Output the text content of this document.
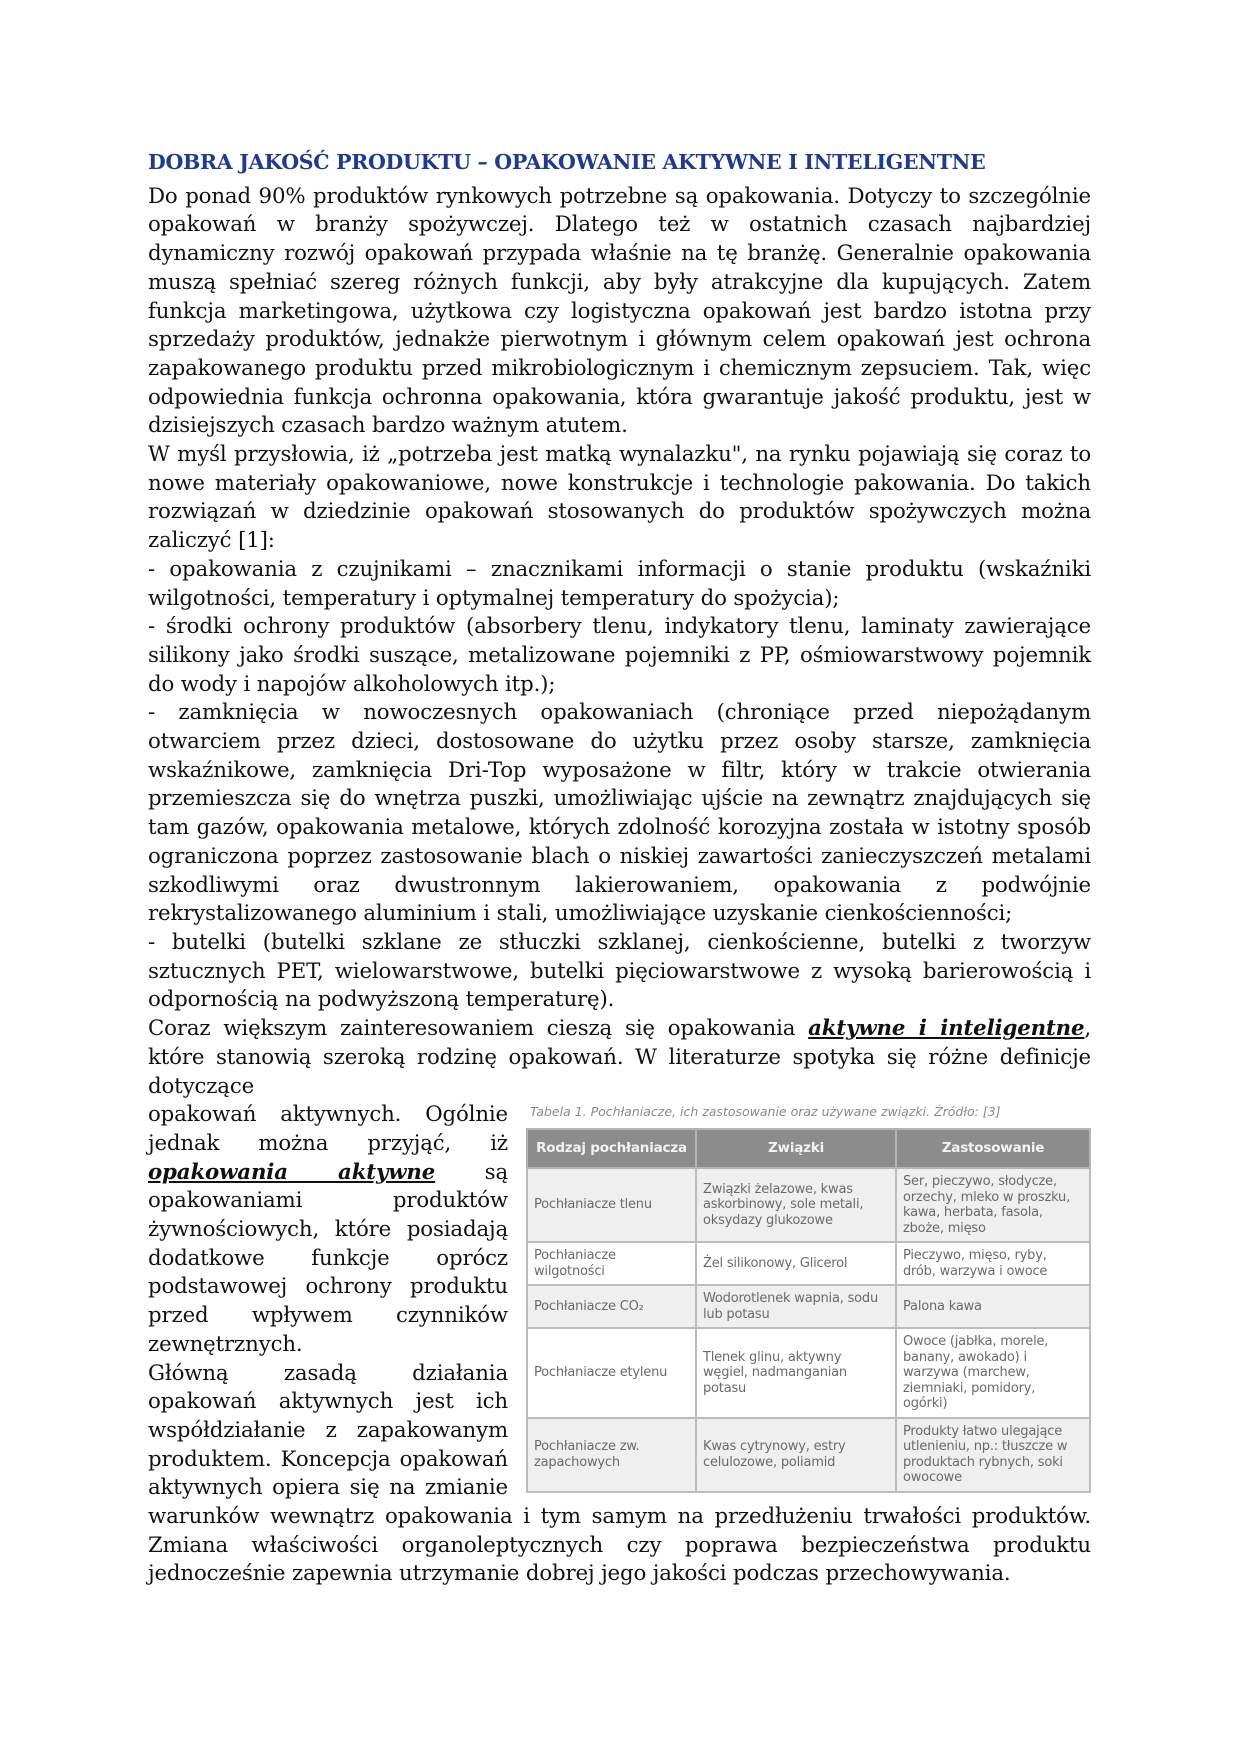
DOBRA JAKOŚĆ PRODUKTU – OPAKOWANIE AKTYWNE I INTELIGENTNE

Do ponad 90% produktów rynkowych potrzebne są opakowania. Dotyczy to szczególnie opakowań w branży spożywczej. Dlatego też w ostatnich czasach najbardziej dynamiczny rozwój opakowań przypada właśnie na tę branżę. Generalnie opakowania muszą spełniać szereg różnych funkcji, aby były atrakcyjne dla kupujących. Zatem funkcja marketingowa, użytkowa czy logistyczna opakowań jest bardzo istotna przy sprzedaży produktów, jednakże pierwotnym i głównym celem opakowań jest ochrona zapakowanego produktu przed mikrobiologicznym i chemicznym zepsuciem. Tak, więc odpowiednia funkcja ochronna opakowania, która gwarantuje jakość produktu, jest w dzisiejszych czasach bardzo ważnym atutem.

W myśl przysłowia, iż „potrzeba jest matką wynalazku", na rynku pojawiają się coraz to nowe materiały opakowaniowe, nowe konstrukcje i technologie pakowania. Do takich rozwiązań w dziedzinie opakowań stosowanych do produktów spożywczych można zaliczyć [1]:

- opakowania z czujnikami – znacznikami informacji o stanie produktu (wskaźniki wilgotności, temperatury i optymalnej temperatury do spożycia);

- środki ochrony produktów (absorbery tlenu, indykatory tlenu, laminaty zawierające silikony jako środki suszące, metalizowane pojemniki z PP, ośmiowarstwowy pojemnik do wody i napojów alkoholowych itp.);

- zamknięcia w nowoczesnych opakowaniach (chroniące przed niepożądanym otwarciem przez dzieci, dostosowane do użytku przez osoby starsze, zamknięcia wskaźnikowe, zamknięcia Dri-Top wyposażone w filtr, który w trakcie otwierania przemieszcza się do wnętrza puszki, umożliwiając ujście na zewnątrz znajdujących się tam gazów, opakowania metalowe, których zdolność korozyjna została w istotny sposób ograniczona poprzez zastosowanie blach o niskiej zawartości zanieczyszczeń metalami szkodliwymi oraz dwustronnym lakierowaniem, opakowania z podwójnie rekrystalizowanego aluminium i stali, umożliwiające uzyskanie cienkościenności;

- butelki (butelki szklane ze stłuczki szklanej, cienkościenne, butelki z tworzyw sztucznych PET, wielowarstwowe, butelki pięciowarstwowe z wysoką barierowością i odpornością na podwyższoną temperaturę).

Coraz większym zainteresowaniem cieszą się opakowania aktywne i inteligentne, które stanowią szeroką rodzinę opakowań. W literaturze spotyka się różne definicje dotyczące

Tabela 1. Pochłaniacze, ich zastosowanie oraz używane związki. Źródło: [3]
Rodzaj pochłaniacza	Związki	Zastosowanie
Pochłaniacze tlenu	Związki żelazowe, kwas askorbinowy, sole metali, oksydazy glukozowe	Ser, pieczywo, słodycze, orzechy, mleko w proszku, kawa, herbata, fasola, zboże, mięso
Pochłaniacze wilgotności	Żel silikonowy, Glicerol	Pieczywo, mięso, ryby, drób, warzywa i owoce
Pochłaniacze CO₂	Wodorotlenek wapnia, sodu lub potasu	Palona kawa
Pochłaniacze etylenu	Tlenek glinu, aktywny węgiel, nadmanganian potasu	Owoce (jabłka, morele, banany, awokado) i warzywa (marchew, ziemniaki, pomidory, ogórki)
Pochłaniacze zw. zapachowych	Kwas cytrynowy, estry celulozowe, poliamid	Produkty łatwo ulegające utlenieniu, np.: tłuszcze w produktach rybnych, soki owocowe

opakowań aktywnych. Ogólnie jednak można przyjąć, iż opakowania aktywne są opakowaniami produktów żywnościowych, które posiadają dodatkowe funkcje oprócz podstawowej ochrony produktu przed wpływem czynników zewnętrznych.

Główną zasadą działania opakowań aktywnych jest ich współdziałanie z zapakowanym produktem. Koncepcja opakowań aktywnych opiera się na zmianie warunków wewnątrz opakowania i tym samym na przedłużeniu trwałości produktów. Zmiana właściwości organoleptycznych czy poprawa bezpieczeństwa produktu jednocześnie zapewnia utrzymanie dobrej jego jakości podczas przechowywania.
